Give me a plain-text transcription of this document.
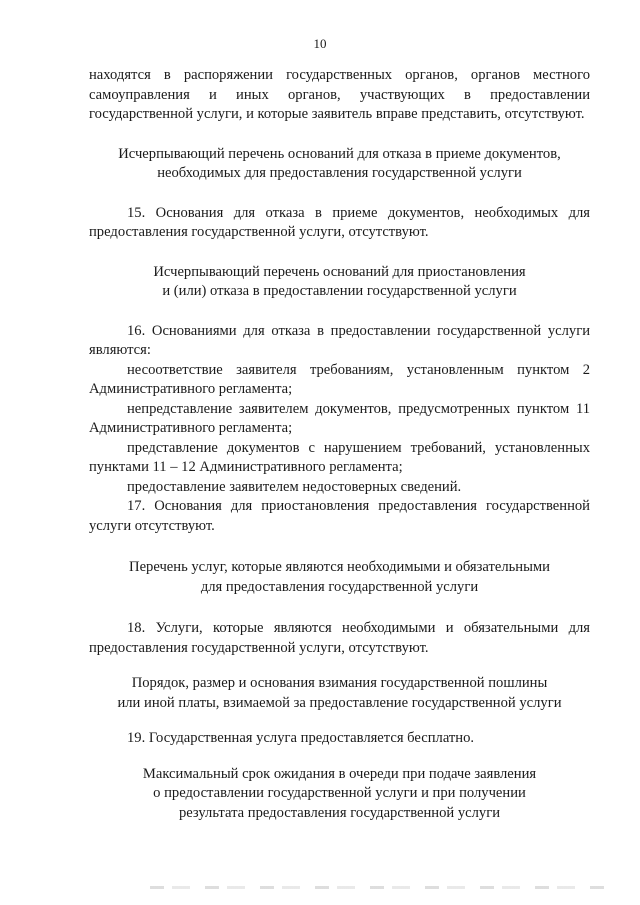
10

находятся в распоряжении государственных органов, органов местного самоуправления и иных органов, участвующих в предоставлении государственной услуги, и которые заявитель вправе представить, отсутствуют.

Исчерпывающий перечень оснований для отказа в приеме документов,
необходимых для предоставления государственной услуги

15. Основания для отказа в приеме документов, необходимых для предоставления государственной услуги, отсутствуют.

Исчерпывающий перечень оснований для приостановления
и (или) отказа в предоставлении государственной услуги

16. Основаниями для отказа в предоставлении государственной услуги являются:

несоответствие заявителя требованиям, установленным пунктом 2 Административного регламента;

непредставление заявителем документов, предусмотренных пунктом 11 Административного регламента;

представление документов с нарушением требований, установленных пунктами 11 – 12 Административного регламента;

предоставление заявителем недостоверных сведений.

17. Основания для приостановления предоставления государственной услуги отсутствуют.

Перечень услуг, которые являются необходимыми и обязательными
для предоставления государственной услуги

18. Услуги, которые являются необходимыми и обязательными для предоставления государственной услуги, отсутствуют.

Порядок, размер и основания взимания государственной пошлины
или иной платы, взимаемой за предоставление государственной услуги

19. Государственная услуга предоставляется бесплатно.

Максимальный срок ожидания в очереди при подаче заявления
о предоставлении государственной услуги и при получении
результата предоставления государственной услуги
